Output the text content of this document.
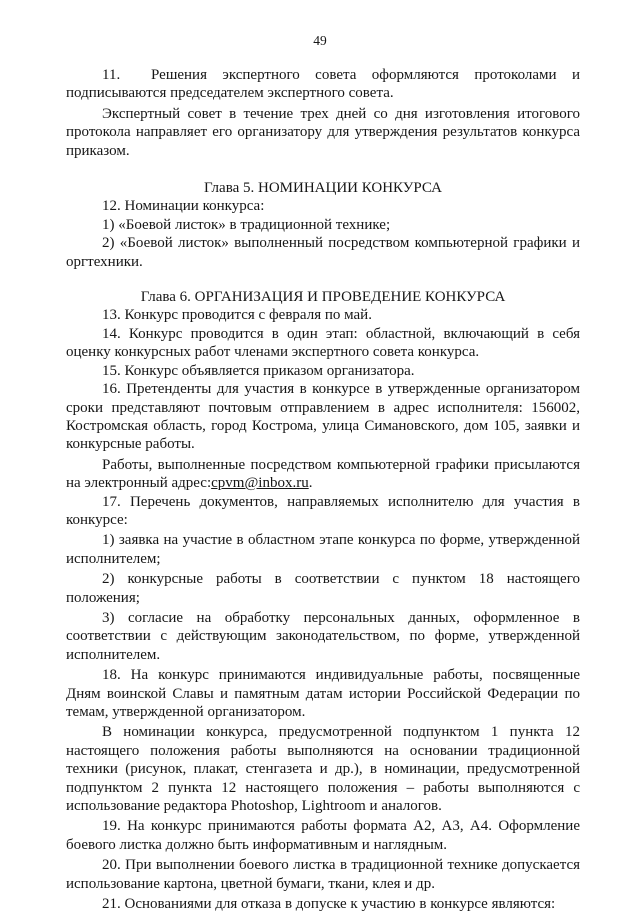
49

11.  Решения экспертного совета оформляются протоколами и подписываются председателем экспертного совета.

Экспертный совет в течение трех дней со дня изготовления итогового протокола направляет его организатору для утверждения результатов конкурса приказом.

Глава 5. НОМИНАЦИИ КОНКУРСА

12. Номинации конкурса:

1) «Боевой листок» в традиционной технике;

2) «Боевой листок» выполненный посредством компьютерной графики и оргтехники.

Глава 6. ОРГАНИЗАЦИЯ И ПРОВЕДЕНИЕ КОНКУРСА

13. Конкурс проводится с февраля по май.

14. Конкурс проводится в один этап: областной, включающий в себя оценку конкурсных работ членами экспертного совета конкурса.

15. Конкурс объявляется приказом организатора.

16. Претенденты для участия в конкурсе в утвержденные организатором сроки представляют почтовым отправлением в адрес исполнителя: 156002, Костромская область, город Кострома, улица Симановского, дом 105, заявки и конкурсные работы.

Работы, выполненные посредством компьютерной графики присылаются на электронный адрес:cpvm@inbox.ru.

17. Перечень документов, направляемых исполнителю для участия в конкурсе:

1) заявка на участие в областном этапе конкурса по форме, утвержденной исполнителем;

2) конкурсные работы в соответствии с пунктом 18 настоящего положения;

3) согласие на обработку персональных данных, оформленное в соответствии с действующим законодательством, по форме, утвержденной исполнителем.

18. На конкурс принимаются индивидуальные работы, посвященные Дням воинской Славы и памятным датам истории Российской Федерации по темам, утвержденной организатором.

В номинации конкурса, предусмотренной подпунктом 1 пункта 12 настоящего положения работы выполняются на основании традиционной техники (рисунок, плакат, стенгазета и др.), в номинации, предусмотренной подпунктом 2 пункта 12 настоящего положения – работы выполняются с использование редактора Photoshop, Lightroom и аналогов.

19. На конкурс принимаются работы формата А2, А3, А4. Оформление боевого листка должно быть информативным и наглядным.

20. При выполнении боевого листка в традиционной технике допускается использование картона, цветной бумаги, ткани, клея и др.

21. Основаниями для отказа в допуске к участию в конкурсе являются:
